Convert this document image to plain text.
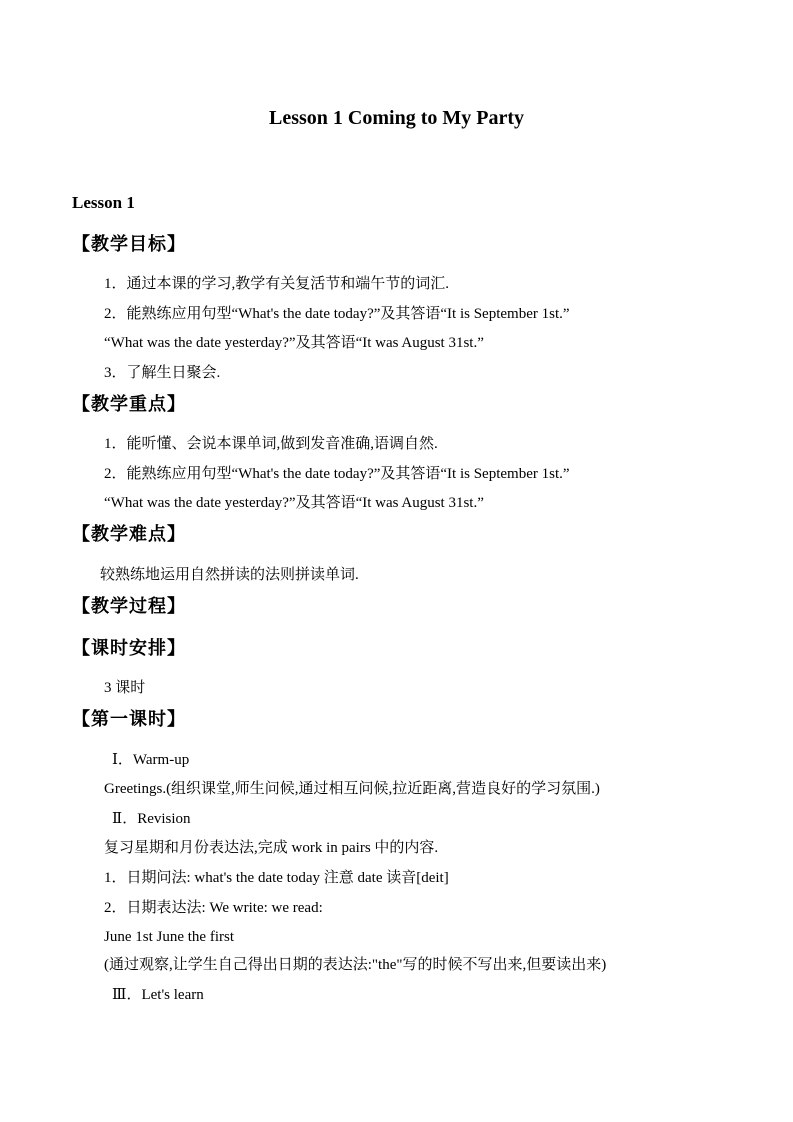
Lesson 1 Coming to My Party
Lesson 1
【教学目标】
1．通过本课的学习,教学有关复活节和端午节的词汇.
2．能熟练应用句型“What's the date today?”及其答语“It is September 1st.”
“What was the date yesterday?”及其答语“It was August 31st.”
3．了解生日聚会.
【教学重点】
1．能听懂、会说本课单词,做到发音准确,语调自然.
2．能熟练应用句型“What's the date today?”及其答语“It is September 1st.”
“What was the date yesterday?”及其答语“It was August 31st.”
【教学难点】
较熟练地运用自然拼读的法则拼读单词.
【教学过程】
【课时安排】
3 课时
【第一课时】
Ⅰ．Warm-up
Greetings.(组织课堂,师生问候,通过相互问候,拉近距离,营造良好的学习氛围.)
Ⅱ．Revision
复习星期和月份表达法,完成 work in pairs 中的内容.
1．日期问法: what's the date today 注意 date 读音[deit]
2．日期表达法: We write: we read:
June 1st June the first
(通过观察,让学生自己得出日期的表达法:"the"写的时候不写出来,但要读出来)
Ⅲ．Let's learn
